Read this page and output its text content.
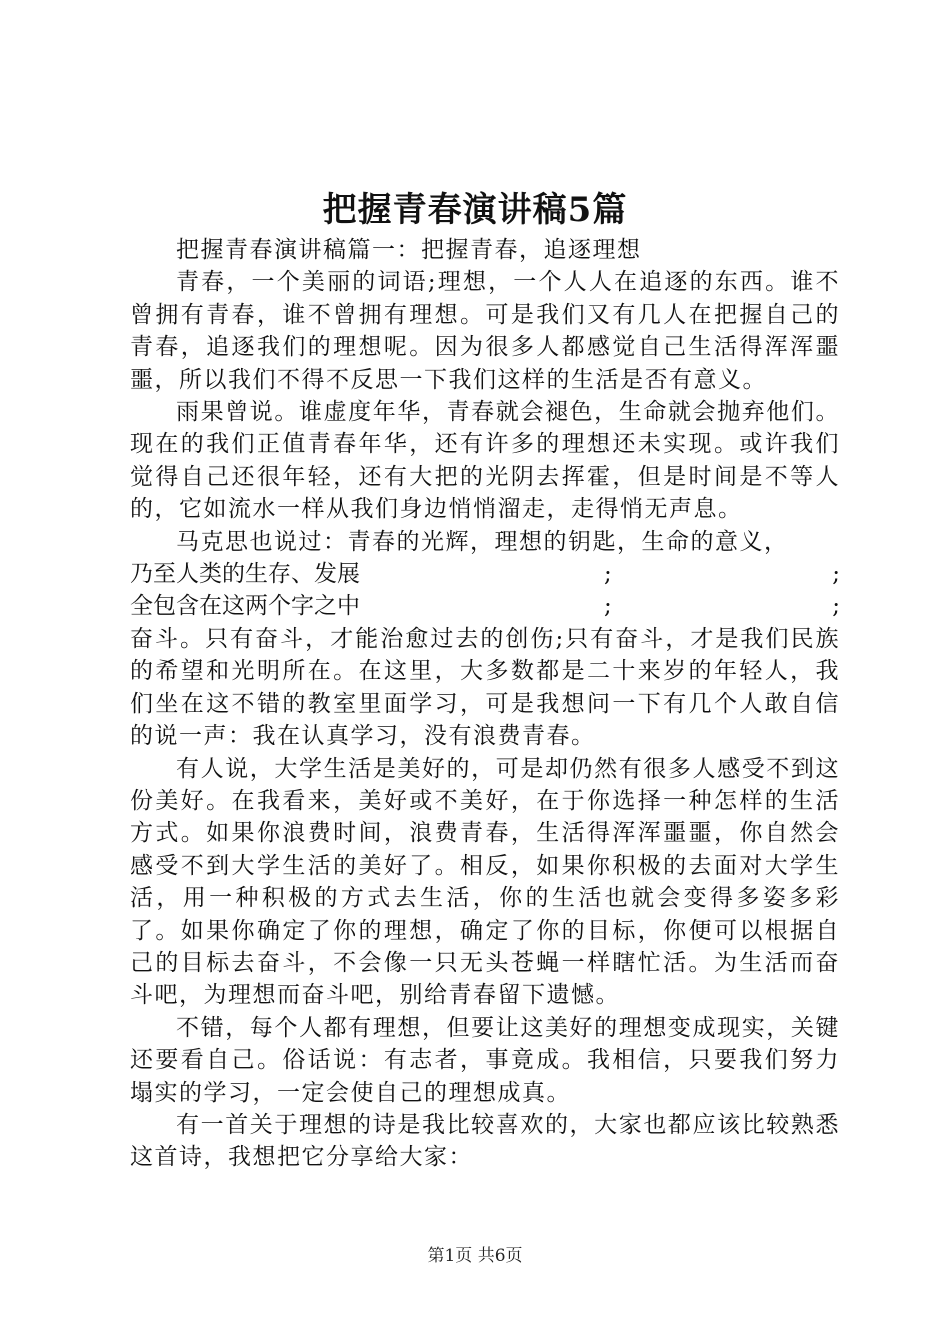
把握青春演讲稿5篇

把握青春演讲稿篇一：把握青春，追逐理想

青春，一个美丽的词语;理想，一个人人在追逐的东西。谁不曾拥有青春，谁不曾拥有理想。可是我们又有几人在把握自己的青春，追逐我们的理想呢。因为很多人都感觉自己生活得浑浑噩噩，所以我们不得不反思一下我们这样的生活是否有意义。

雨果曾说。谁虚度年华，青春就会褪色，生命就会抛弃他们。现在的我们正值青春年华，还有许多的理想还未实现。或许我们觉得自己还很年轻，还有大把的光阴去挥霍，但是时间是不等人的，它如流水一样从我们身边悄悄溜走，走得悄无声息。

马克思也说过：青春的光辉，理想的钥匙，生命的意义，

乃至人类的生存、发展	;	;
全包含在这两个字之中	;	;

奋斗。只有奋斗，才能治愈过去的创伤;只有奋斗，才是我们民族的希望和光明所在。在这里，大多数都是二十来岁的年轻人，我们坐在这不错的教室里面学习，可是我想问一下有几个人敢自信的说一声：我在认真学习，没有浪费青春。

有人说，大学生活是美好的，可是却仍然有很多人感受不到这份美好。在我看来，美好或不美好，在于你选择一种怎样的生活方式。如果你浪费时间，浪费青春，生活得浑浑噩噩，你自然会感受不到大学生活的美好了。相反，如果你积极的去面对大学生活，用一种积极的方式去生活，你的生活也就会变得多姿多彩了。如果你确定了你的理想，确定了你的目标，你便可以根据自己的目标去奋斗，不会像一只无头苍蝇一样瞎忙活。为生活而奋斗吧，为理想而奋斗吧，别给青春留下遗憾。

不错，每个人都有理想，但要让这美好的理想变成现实，关键还要看自己。俗话说：有志者，事竟成。我相信，只要我们努力塌实的学习，一定会使自己的理想成真。

有一首关于理想的诗是我比较喜欢的，大家也都应该比较熟悉这首诗，我想把它分享给大家：

第1页 共6页
